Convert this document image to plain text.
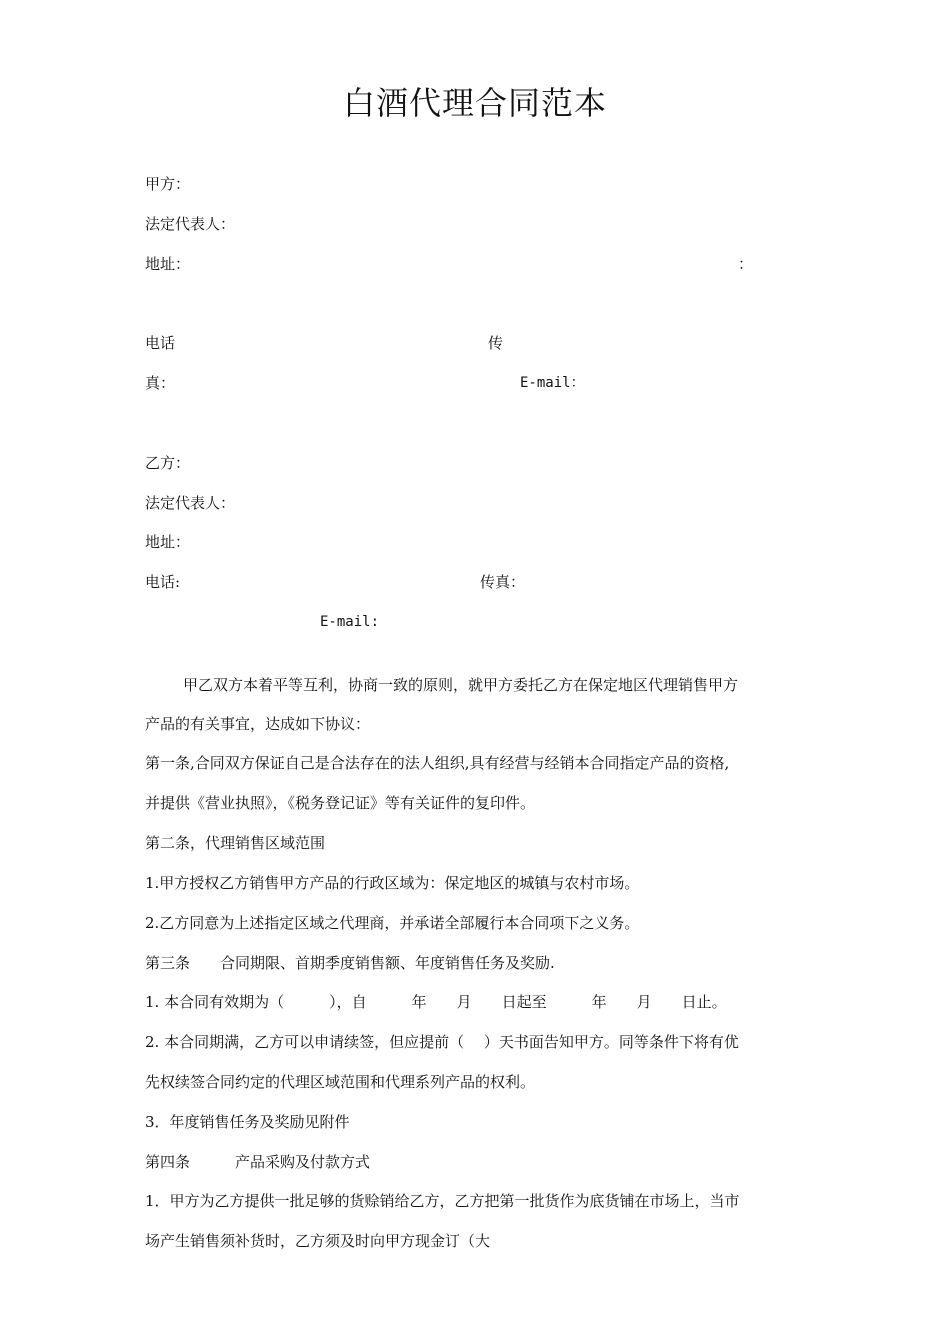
白酒代理合同范本
甲方：
法定代表人：
地址：	：
电话	传
真：	E-mail：
乙方：
法定代表人：
地址：
电话:	传真：
E-mail:
甲乙双方本着平等互利，协商一致的原则，就甲方委托乙方在保定地区代理销售甲方
产品的有关事宜，达成如下协议：
第一条,合同双方保证自己是合法存在的法人组织,具有经营与经销本合同指定产品的资格,
并提供《营业执照》，《税务登记证》等有关证件的复印件。
第二条，代理销售区域范围
1.甲方授权乙方销售甲方产品的行政区域为：保定地区的城镇与农村市场。
2.乙方同意为上述指定区域之代理商，并承诺全部履行本合同项下之义务。
第三条　　合同期限、首期季度销售额、年度销售任务及奖励.
1. 本合同有效期为（　　　），自　　　年　　月　　日起至　　　年　　月　　日止。
2. 本合同期满，乙方可以申请续签，但应提前（　 ）天书面告知甲方。同等条件下将有优
先权续签合同约定的代理区域范围和代理系列产品的权利。
3．年度销售任务及奖励见附件
第四条　　　产品采购及付款方式
1．甲方为乙方提供一批足够的货赊销给乙方，乙方把第一批货作为底货铺在市场上，当市
场产生销售须补货时，乙方须及时向甲方现金订（大
